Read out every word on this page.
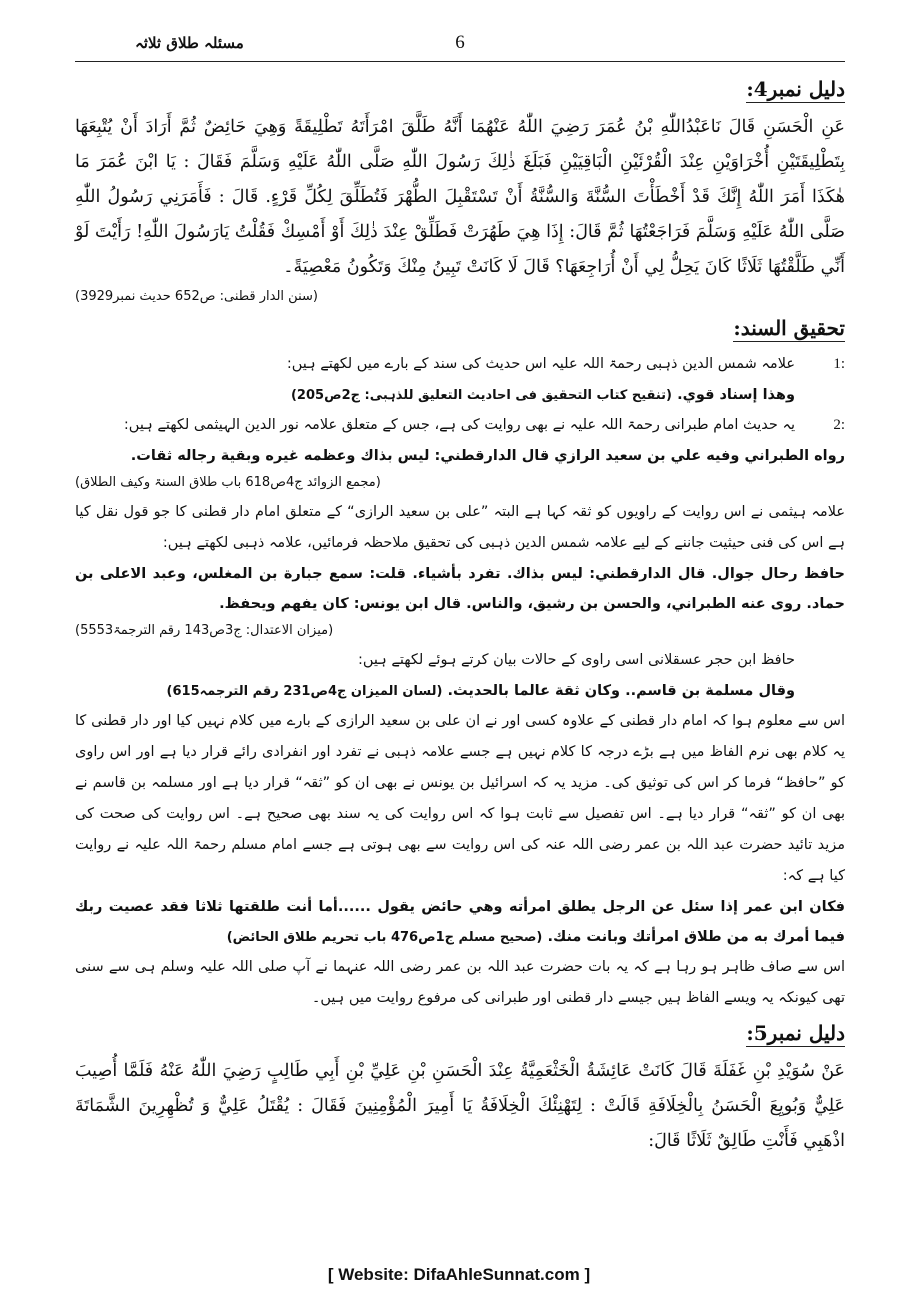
مسئلہ طلاق ثلاثہ	6
دلیل نمبر4:

عَنِ الْحَسَنِ قَالَ نَاعَبْدُاللّٰهِ بْنُ عُمَرَ رَضِيَ اللّٰهُ عَنْهُمَا أَنَّهُ طَلَّقَ امْرَأَتَهُ تَطْلِيقَةً وَهِيَ حَائِضٌ ثُمَّ أَرَادَ أَنْ يُتْبِعَهَا بِتَطْلِيقَتَيْنِ أُخْرَاوَيْنِ عِنْدَ الْقُرْئَيْنِ الْبَاقِيَيْنِ فَبَلَغَ ذٰلِكَ رَسُولَ اللّٰهِ صَلَّى اللّٰهُ عَلَيْهِ وَسَلَّمَ فَقَالَ : يَا ابْنَ عُمَرَ مَا هٰكَذَا أَمَرَ اللّٰهُ إِنَّكَ قَدْ أَخْطَأْتَ السُّنَّةَ وَالسُّنَّةُ أَنْ تَسْتَقْبِلَ الطُّهْرَ فَتُطَلِّقَ لِكُلِّ قَرْءٍ. قَالَ : فَأَمَرَنِي رَسُولُ اللّٰهِ صَلَّى اللّٰهُ عَلَيْهِ وَسَلَّمَ فَرَاجَعْتُهَا ثُمَّ قَالَ: إِذَا هِيَ طَهُرَتْ فَطَلِّقْ عِنْدَ ذٰلِكَ أَوْ أَمْسِكْ فَقُلْتُ يَارَسُولَ اللّٰهِ! رَأَيْتَ لَوْ أَنِّي طَلَّقْتُهَا ثَلَاثًا كَانَ يَحِلُّ لِي أَنْ أُرَاجِعَهَا؟ قَالَ لَا كَانَتْ تَبِينُ مِنْكَ وَتَكُونُ مَعْصِيَةً۔

(سنن الدار قطنی: ص652 حدیث نمبر3929)

تحقیق السند:
:1
علامہ شمس الدین ذہبی رحمۃ اللہ علیہ اس حدیث کی سند کے بارے میں لکھتے ہیں:

وهذا إسناد قوي. (تنقیح کتاب التحقیق فی احادیث التعلیق للذہبی: ج2ص205)

:2
یہ حدیث امام طبرانی رحمۃ اللہ علیہ نے بھی روایت کی ہے، جس کے متعلق علامہ نور الدین الہیثمی لکھتے ہیں:

رواه الطبراني وفيه علي بن سعيد الرازي قال الدارقطني: ليس بذاك وعظمه غيره وبقية رجاله ثقات.

(مجمع الزوائد ج4ص618 باب طلاق السنۃ وکیف الطلاق)

علامہ ہیثمی نے اس روایت کے راویوں کو ثقہ کہا ہے البتہ ”علی بن سعید الرازی“ کے متعلق امام دار قطنی کا جو قول نقل کیا ہے اس کی فنی حیثیت جاننے کے لیے علامہ شمس الدین ذہبی کی تحقیق ملاحظہ فرمائیں، علامہ ذہبی لکھتے ہیں:

حافظ رحال جوال. قال الدارقطني: ليس بذاك. تفرد بأشياء. قلت: سمع جبارة بن المغلس، وعبد الاعلى بن حماد. روى عنه الطبراني، والحسن بن رشيق، والناس. قال ابن يونس: كان يفهم ويحفظ.

(میزان الاعتدال: ج3ص143 رقم الترجمۃ5553)

حافظ ابن حجر عسقلانی اسی راوی کے حالات بیان کرتے ہوئے لکھتے ہیں:

وقال مسلمة بن قاسم.. وكان ثقة عالما بالحديث. (لسان المیزان ج4ص231 رقم الترجمہ615)

اس سے معلوم ہوا کہ امام دار قطنی کے علاوہ کسی اور نے ان علی بن سعید الرازی کے بارے میں کلام نہیں کیا اور دار قطنی کا یہ کلام بھی نرم الفاظ میں ہے بڑے درجہ کا کلام نہیں ہے جسے علامہ ذہبی نے تفرد اور انفرادی رائے قرار دیا ہے اور اس راوی کو ”حافظ“ فرما کر اس کی توثیق کی۔ مزید یہ کہ اسرائیل بن یونس نے بھی ان کو ”ثقہ“ قرار دیا ہے اور مسلمہ بن قاسم نے بھی ان کو ”ثقہ“ قرار دیا ہے۔ اس تفصیل سے ثابت ہوا کہ اس روایت کی یہ سند بھی صحیح ہے۔ اس روایت کی صحت کی مزید تائید حضرت عبد اللہ بن عمر رضی اللہ عنہ کی اس روایت سے بھی ہوتی ہے جسے امام مسلم رحمۃ اللہ علیہ نے روایت کیا ہے کہ:

فكان ابن عمر إذا سئل عن الرجل يطلق امرأته وهي حائض يقول ......أما أنت طلقتها ثلاثا فقد عصيت ربك فيما أمرك به من طلاق امرأتك وبانت منك. (صحیح مسلم ج1ص476 باب تحریم طلاق الحائض)

اس سے صاف ظاہر ہو رہا ہے کہ یہ بات حضرت عبد اللہ بن عمر رضی اللہ عنہما نے آپ صلی اللہ علیہ وسلم ہی سے سنی تھی کیونکہ یہ ویسے الفاظ ہیں جیسے دار قطنی اور طبرانی کی مرفوع روایت میں ہیں۔

دلیل نمبر5:

عَنْ سُوَيْدِ بْنِ غَفَلَةَ قَالَ كَانَتْ عَائِشَةُ الْخَثْعَمِيَّةُ عِنْدَ الْحَسَنِ بْنِ عَلِيِّ بْنِ أَبِي طَالِبٍ رَضِيَ اللّٰهُ عَنْهُ فَلَمَّا أُصِيبَ عَلِيٌّ وَبُويِعَ الْحَسَنُ بِالْخِلَافَةِ قَالَتْ : لِتَهْنِئْكَ الْخِلَافَةُ يَا أَمِيرَ الْمُؤْمِنِينَ فَقَالَ : يُقْتَلُ عَلِيٌّ وَ تُظْهِرِينَ الشَّمَاتَةَ اذْهَبِي فَأَنْتِ طَالِقٌ ثَلَاثًا قَالَ:

[ Website: DifaAhleSunnat.com ]
